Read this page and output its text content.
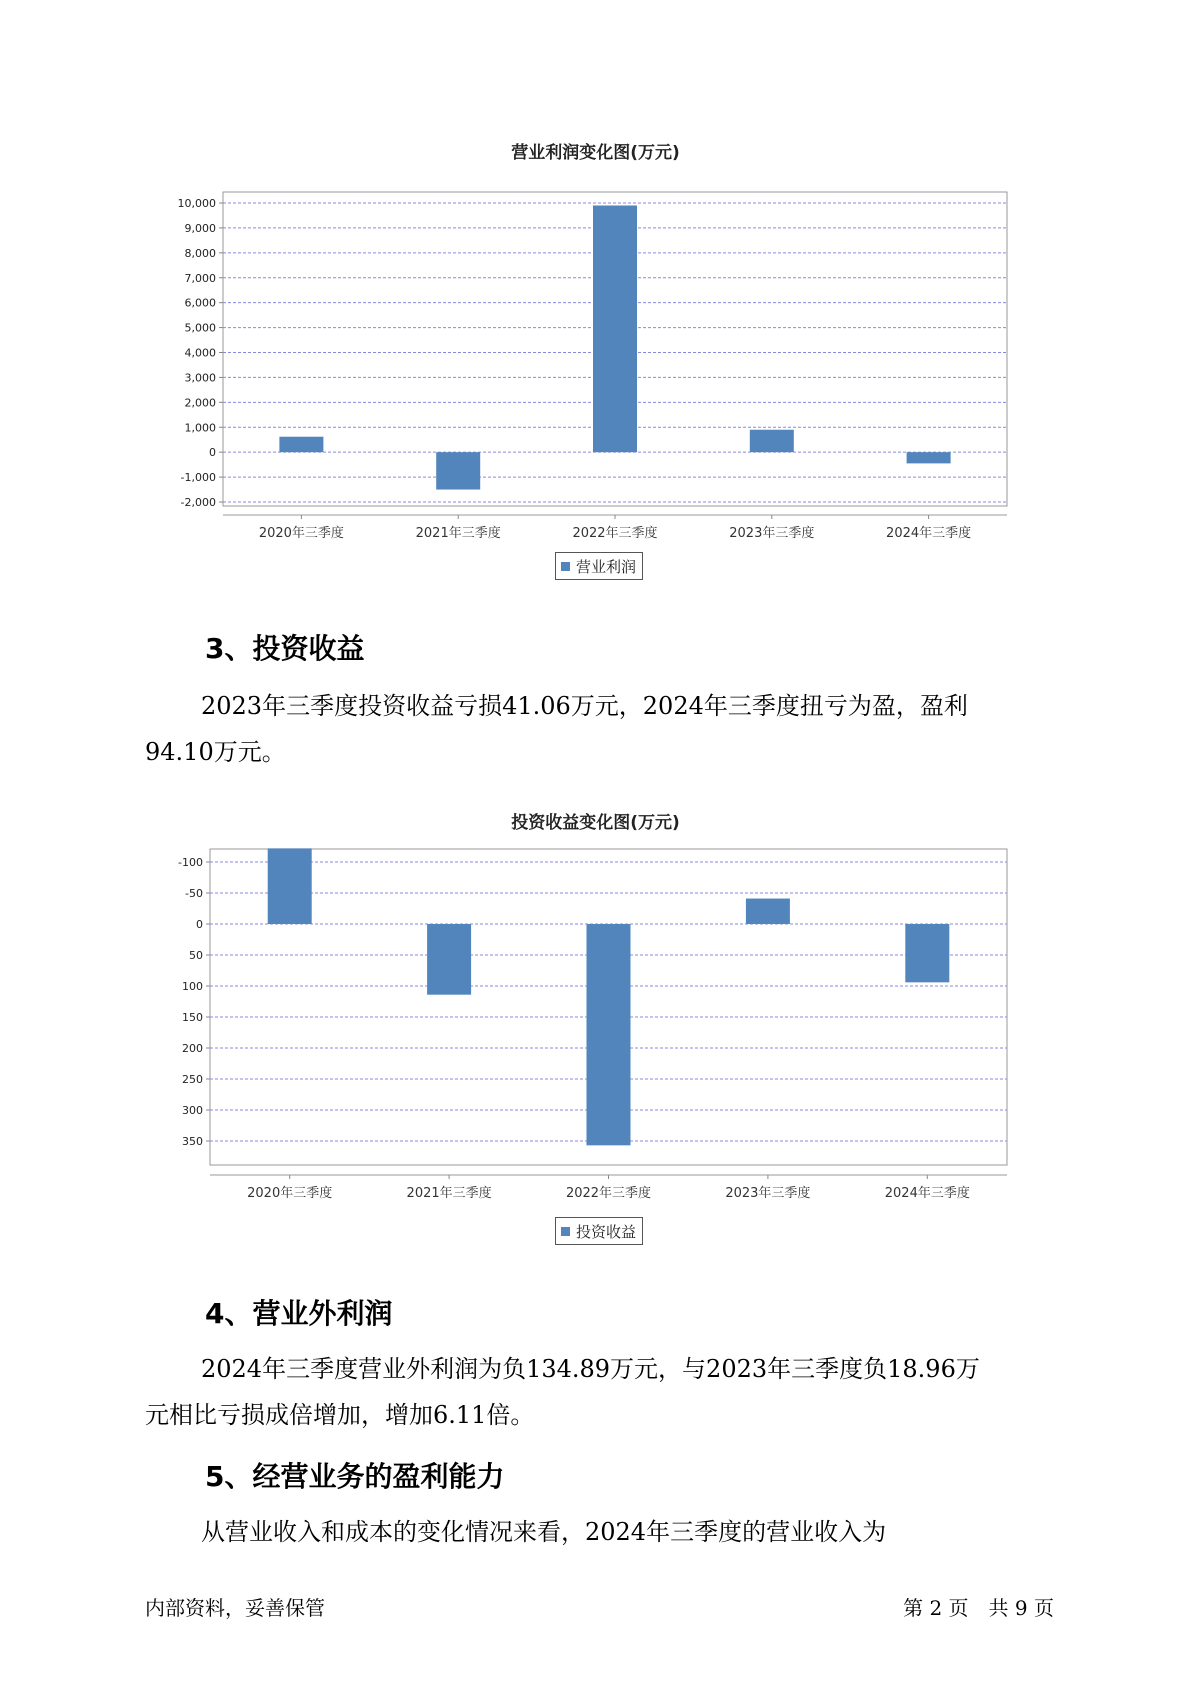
营业利润变化图(万元)
-2,000
-1,000
0
1,000
2,000
3,000
4,000
5,000
6,000
7,000
8,000
9,000
10,000
2020年三季度	2021年三季度	2022年三季度	2023年三季度	2024年三季度
营业利润
3、投资收益
2023年三季度投资收益亏损41.06万元，2024年三季度扭亏为盈，盈利
94.10万元。
投资收益变化图(万元)
-100
-50
0
50
100
150
200
250
300
350
2020年三季度	2021年三季度	2022年三季度	2023年三季度	2024年三季度
投资收益
4、营业外利润
2024年三季度营业外利润为负134.89万元，与2023年三季度负18.96万
元相比亏损成倍增加，增加6.11倍。
5、经营业务的盈利能力
从营业收入和成本的变化情况来看，2024年三季度的营业收入为
内部资料，妥善保管	第 2 页　共 9 页
